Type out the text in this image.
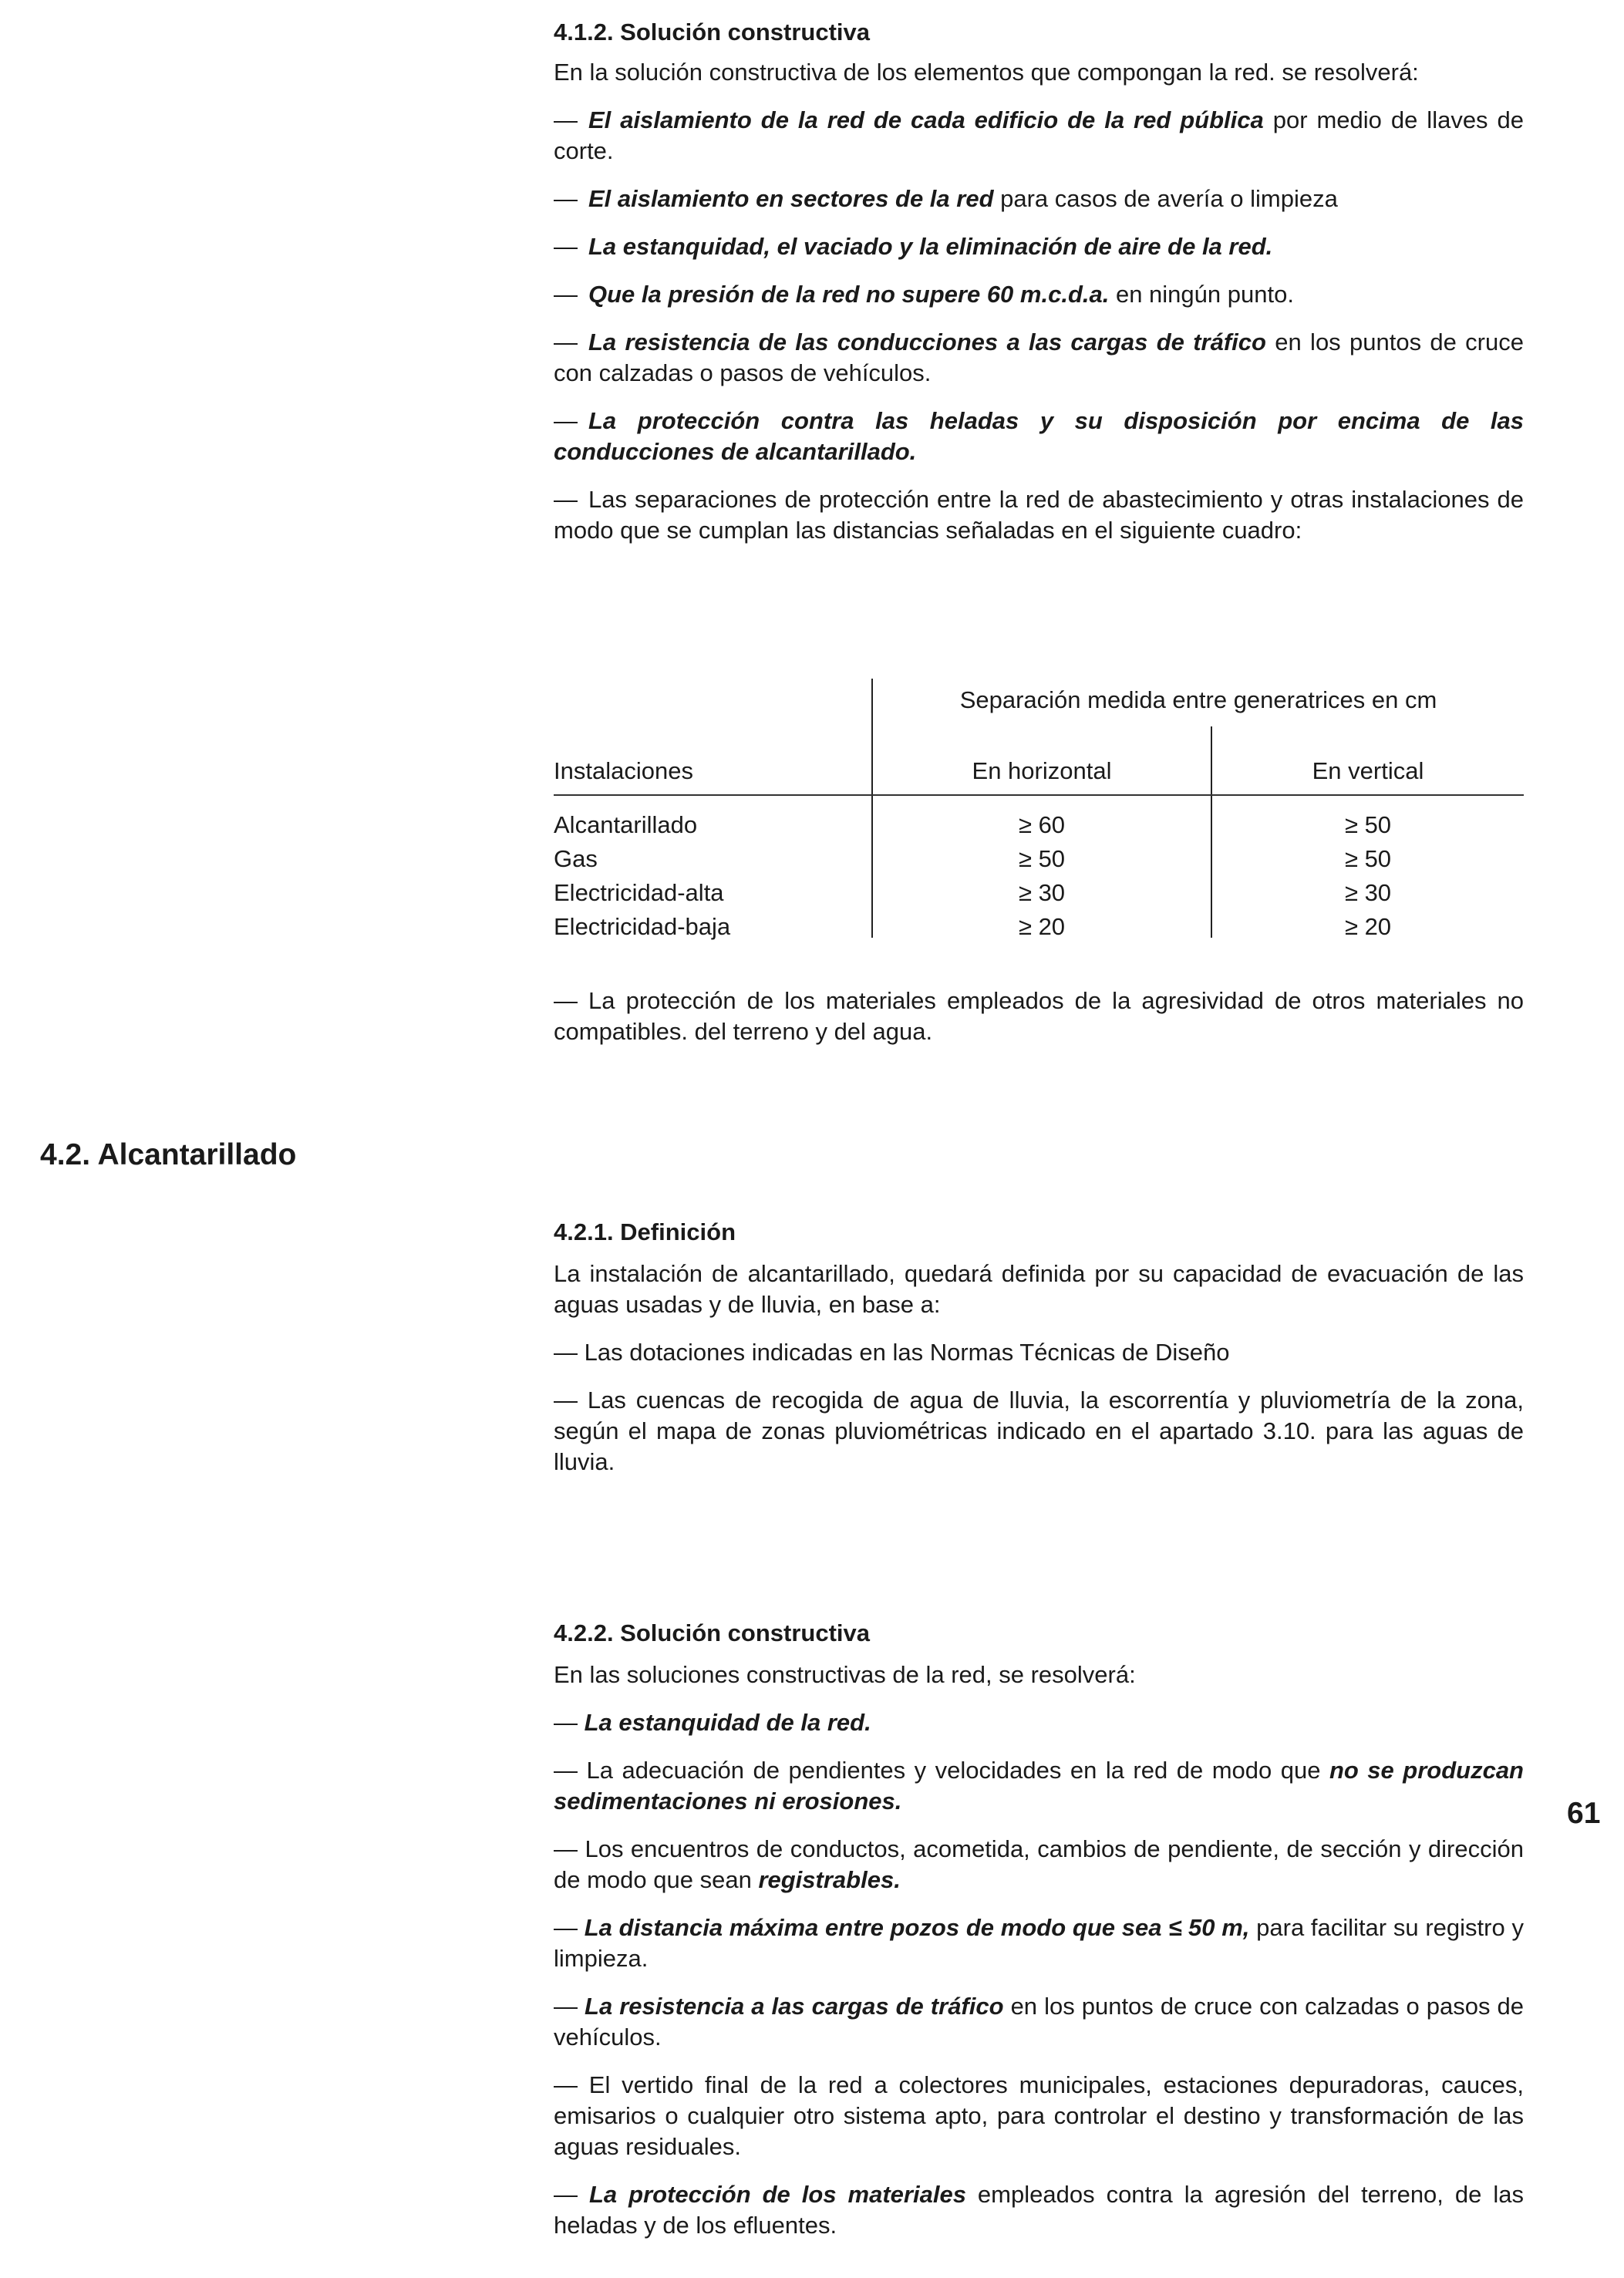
4.1.2. Solución constructiva

En la solución constructiva de los elementos que compongan la red. se resolverá:

— El aislamiento de la red de cada edificio de la red pública por medio de llaves de corte.

— El aislamiento en sectores de la red para casos de avería o limpieza

— La estanquidad, el vaciado y la eliminación de aire de la red.

— Que la presión de la red no supere 60 m.c.d.a. en ningún punto.

— La resistencia de las conducciones a las cargas de tráfico en los puntos de cruce con calzadas o pasos de vehículos.

— La protección contra las heladas y su disposición por encima de las conducciones de alcantarillado.

— Las separaciones de protección entre la red de abastecimiento y otras instalaciones de modo que se cumplan las distancias señaladas en el siguiente cuadro:

Separación medida entre generatrices en cm

Instalaciones	En horizontal	En vertical

Alcantarillado	≥ 60	≥ 50

Gas	≥ 50	≥ 50

Electricidad-alta	≥ 30	≥ 30

Electricidad-baja	≥ 20	≥ 20

— La protección de los materiales empleados de la agresividad de otros materiales no compatibles. del terreno y del agua.

4.2. Alcantarillado

4.2.1. Definición

La instalación de alcantarillado, quedará definida por su capacidad de evacuación de las aguas usadas y de lluvia, en base a:

— Las dotaciones indicadas en las Normas Técnicas de Diseño

— Las cuencas de recogida de agua de lluvia, la escorrentía y pluviometría de la zona, según el mapa de zonas pluviométricas indicado en el apartado 3.10. para las aguas de lluvia.

4.2.2. Solución constructiva

En las soluciones constructivas de la red, se resolverá:

— La estanquidad de la red.

— La adecuación de pendientes y velocidades en la red de modo que no se produzcan sedimentaciones ni erosiones.

— Los encuentros de conductos, acometida, cambios de pendiente, de sección y dirección de modo que sean registrables.

— La distancia máxima entre pozos de modo que sea ≤ 50 m, para facilitar su registro y limpieza.

— La resistencia a las cargas de tráfico en los puntos de cruce con calzadas o pasos de vehículos.

— El vertido final de la red a colectores municipales, estaciones depuradoras, cauces, emisarios o cualquier otro sistema apto, para controlar el destino y transformación de las aguas residuales.

— La protección de los materiales empleados contra la agresión del terreno, de las heladas y de los efluentes.

61
